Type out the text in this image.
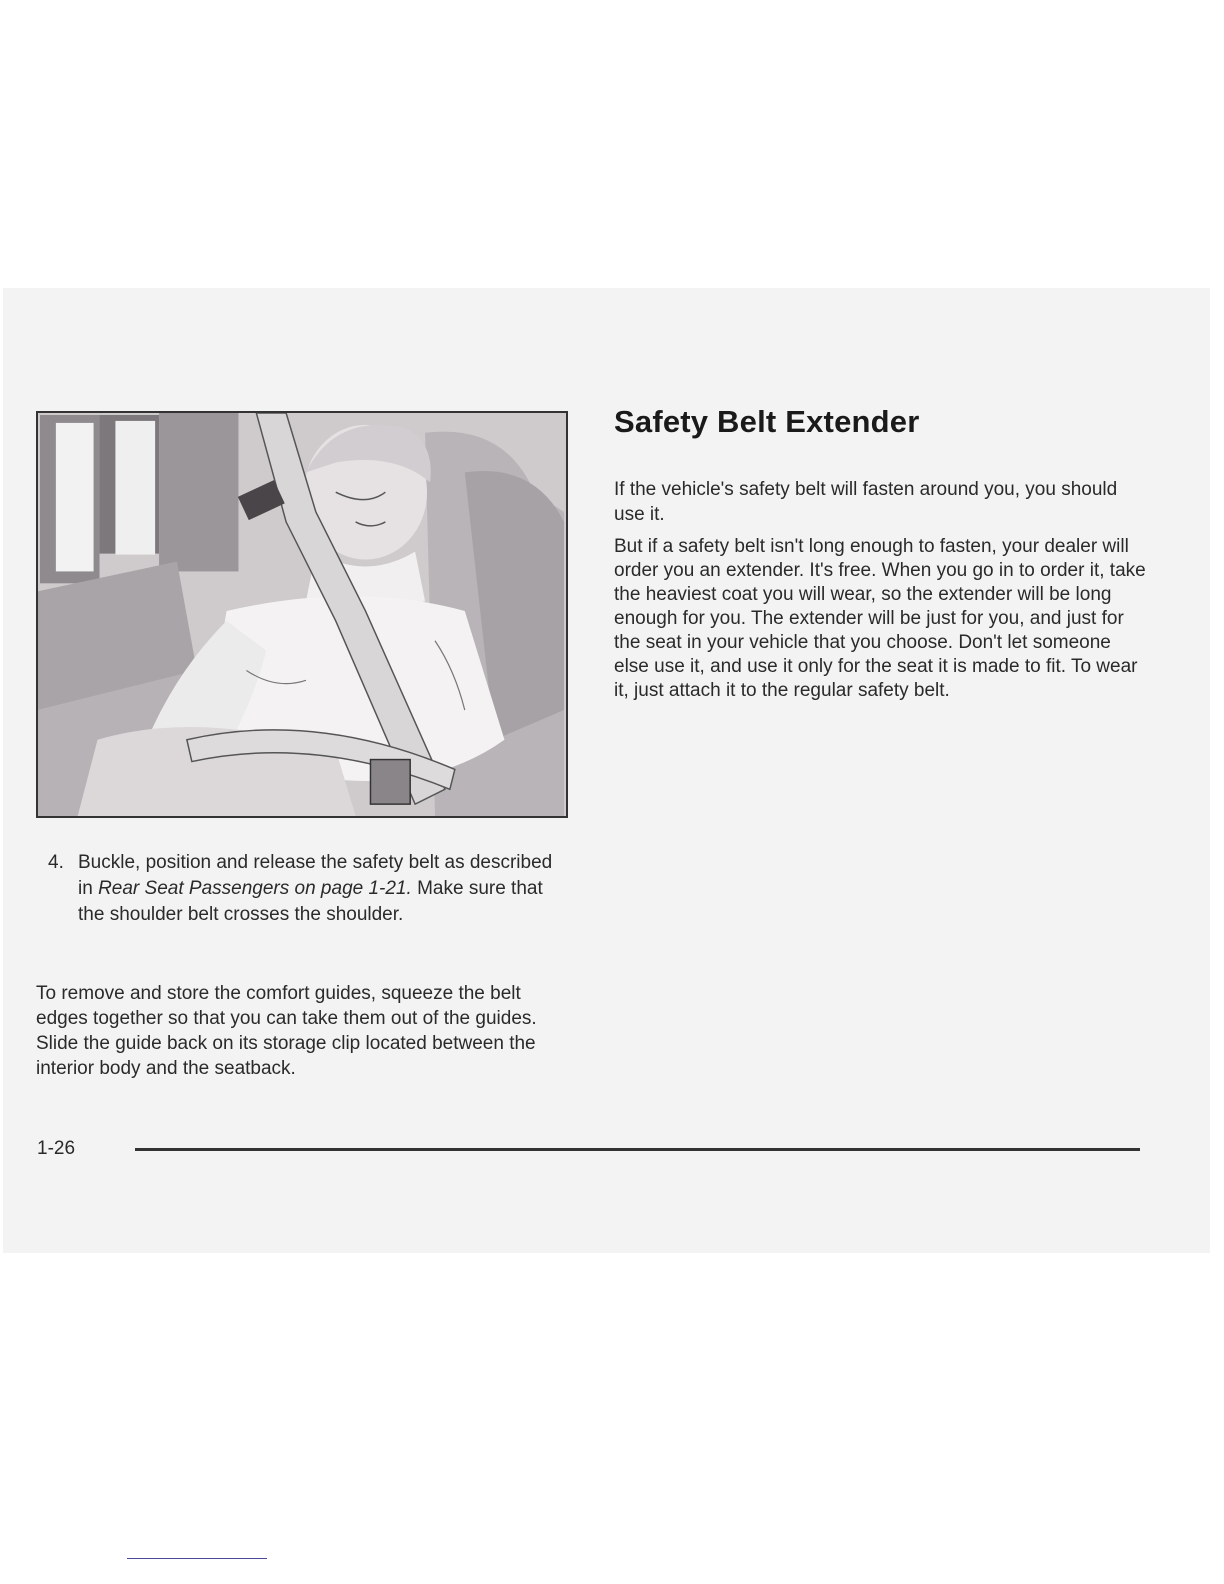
4. Buckle, position and release the safety belt as described in Rear Seat Passengers on page 1-21. Make sure that the shoulder belt crosses the shoulder.

To remove and store the comfort guides, squeeze the belt edges together so that you can take them out of the guides. Slide the guide back on its storage clip located between the interior body and the seatback.

Safety Belt Extender

If the vehicle's safety belt will fasten around you, you should use it.

But if a safety belt isn't long enough to fasten, your dealer will order you an extender. It's free. When you go in to order it, take the heaviest coat you will wear, so the extender will be long enough for you. The extender will be just for you, and just for the seat in your vehicle that you choose. Don't let someone else use it, and use it only for the seat it is made to fit. To wear it, just attach it to the regular safety belt.

1-26
